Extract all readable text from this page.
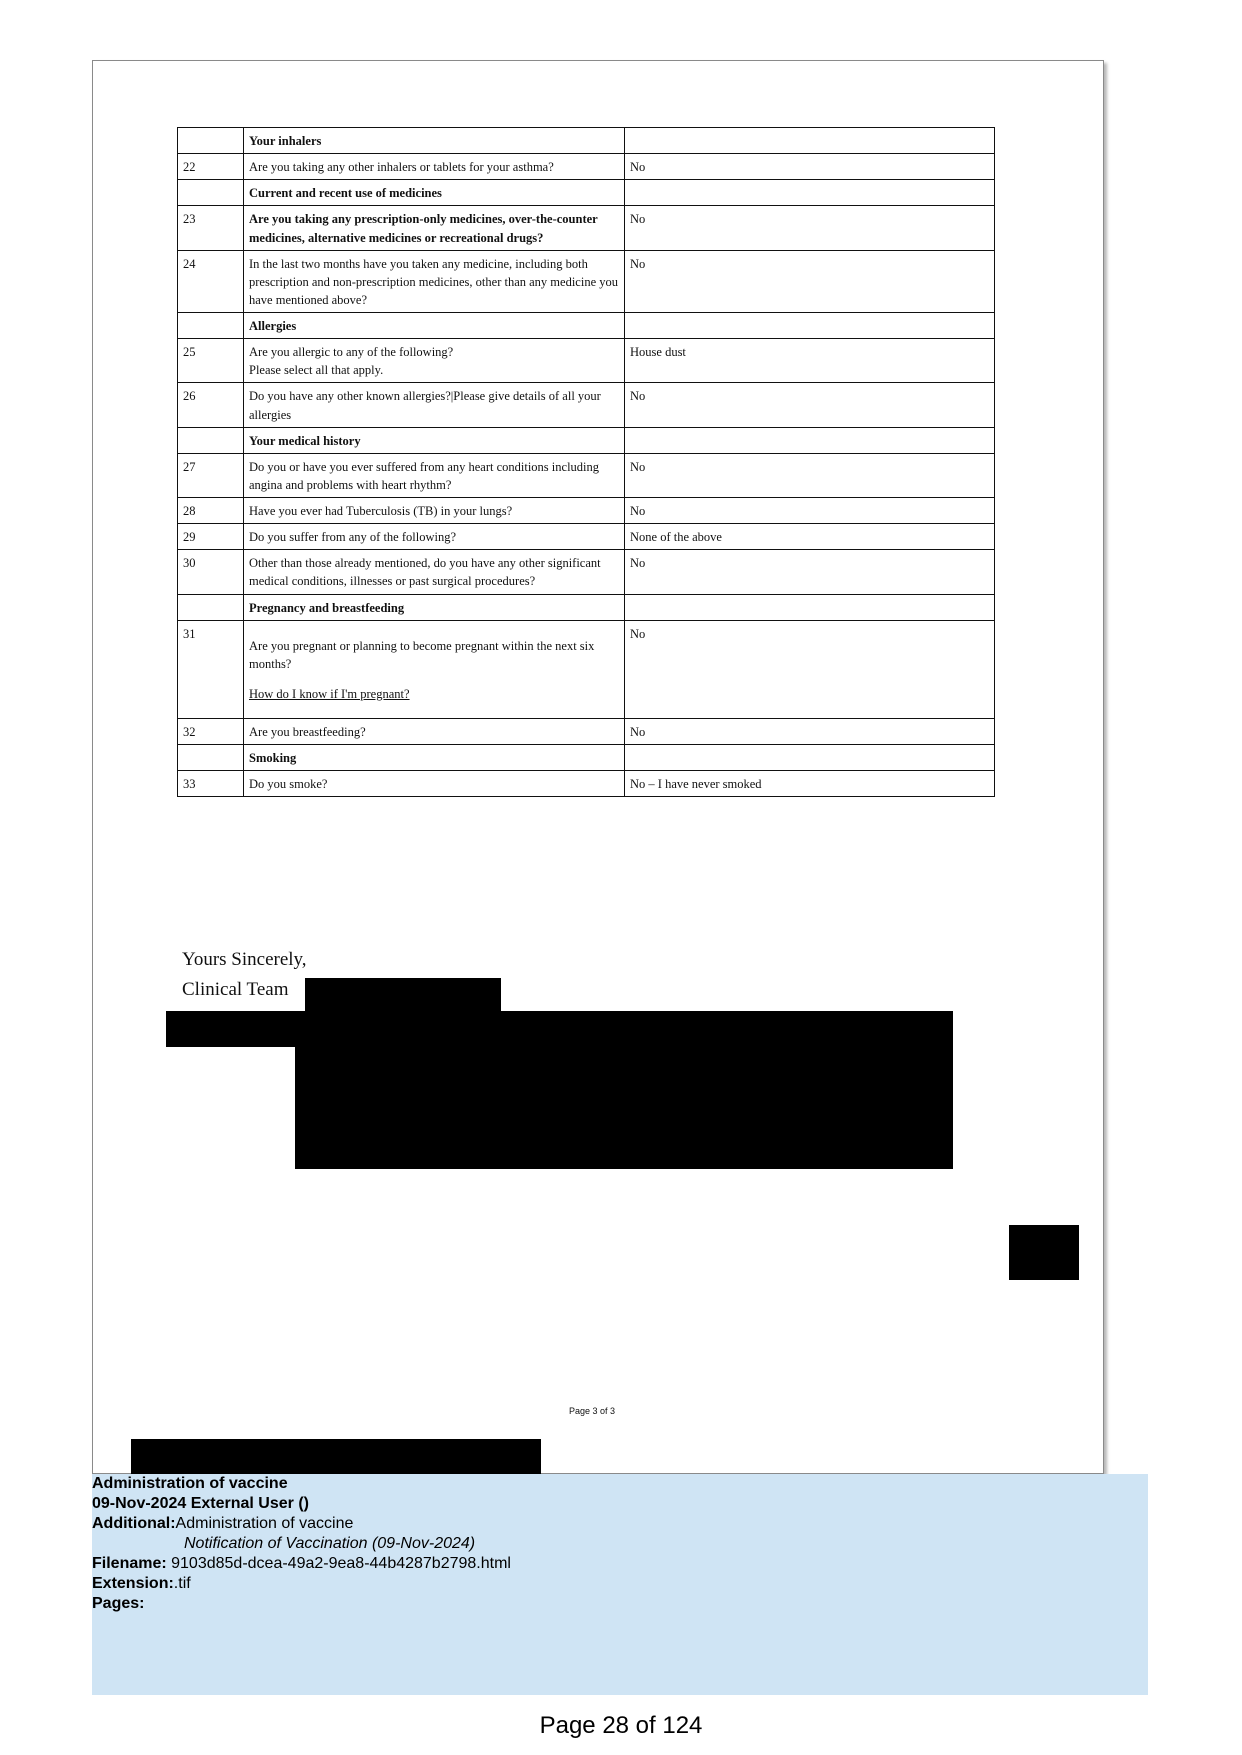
	Your inhalers	
22	Are you taking any other inhalers or tablets for your asthma?	No
	Current and recent use of medicines	
23	Are you taking any prescription-only medicines, over-the-counter medicines, alternative medicines or recreational drugs?	No
24	In the last two months have you taken any medicine, including both prescription and non-prescription medicines, other than any medicine you have mentioned above?	No
	Allergies	
25	Are you allergic to any of the following?
Please select all that apply.	House dust
26	Do you have any other known allergies?|Please give details of all your allergies	No
	Your medical history	
27	Do you or have you ever suffered from any heart conditions including angina and problems with heart rhythm?	No
28	Have you ever had Tuberculosis (TB) in your lungs?	No
29	Do you suffer from any of the following?	None of the above
30	Other than those already mentioned, do you have any other significant medical conditions, illnesses or past surgical procedures?	No
	Pregnancy and breastfeeding	
31	Are you pregnant or planning to become pregnant within the next six months?
How do I know if I'm pregnant?	No
32	Are you breastfeeding?	No
	Smoking	
33	Do you smoke?	No – I have never smoked
Yours Sincerely,
Clinical Team
Page 3 of 3
Administration of vaccine
09-Nov-2024 External User ()
Additional:Administration of vaccine
Notification of Vaccination (09-Nov-2024)
Filename: 9103d85d-dcea-49a2-9ea8-44b4287b2798.html
Extension:.tif
Pages:
Page 28 of 124
